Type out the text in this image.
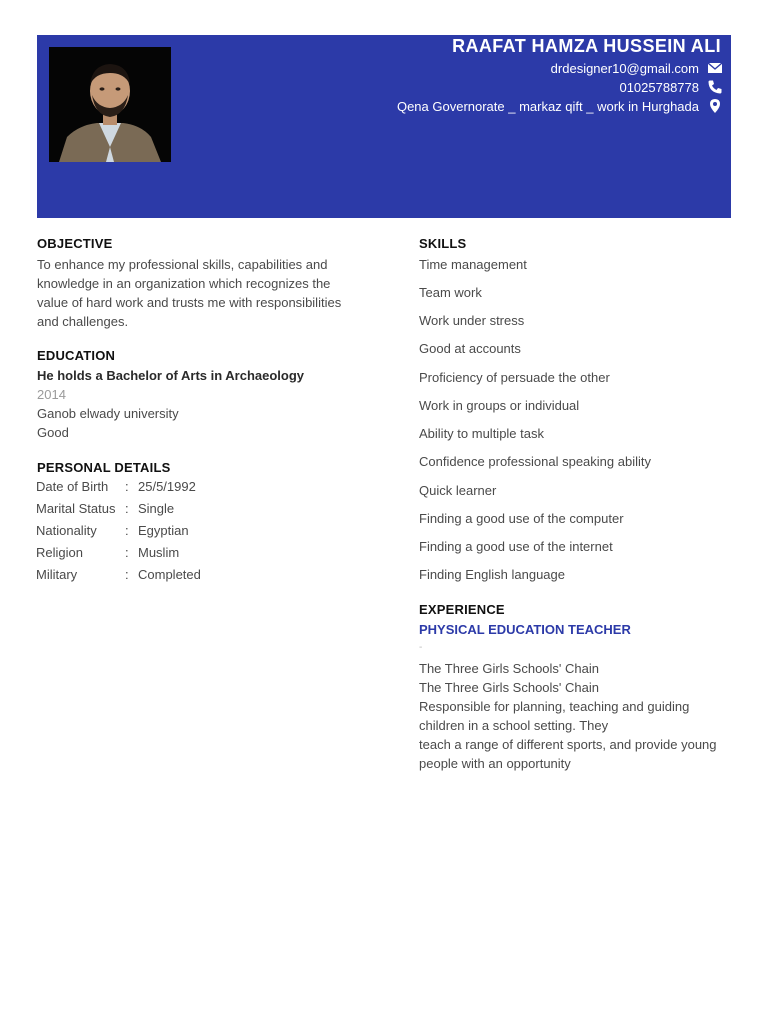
RAAFAT HAMZA HUSSEIN ALI
drdesigner10@gmail.com
01025788778
Qena Governorate _ markaz qift _ work in Hurghada
OBJECTIVE
To enhance my professional skills, capabilities and knowledge in an organization which recognizes the value of hard work and trusts me with responsibilities and challenges.
EDUCATION
He holds a Bachelor of Arts in Archaeology
2014
Ganob elwady university
Good
PERSONAL DETAILS
Date of Birth : 25/5/1992
Marital Status : Single
Nationality : Egyptian
Religion	: Muslim
Military	: Completed
SKILLS
Time management
Team work
Work under stress
Good at accounts
Proficiency of persuade the other
Work in groups or individual
Ability to multiple task
Confidence professional speaking ability
Quick learner
Finding a good use of the computer
Finding a good use of the internet
Finding English language
EXPERIENCE
PHYSICAL EDUCATION TEACHER
-
The Three Girls Schools' Chain
The Three Girls Schools' Chain
Responsible for planning, teaching and guiding
children in a school setting. They
teach a range of different sports, and provide young
people with an opportunity
